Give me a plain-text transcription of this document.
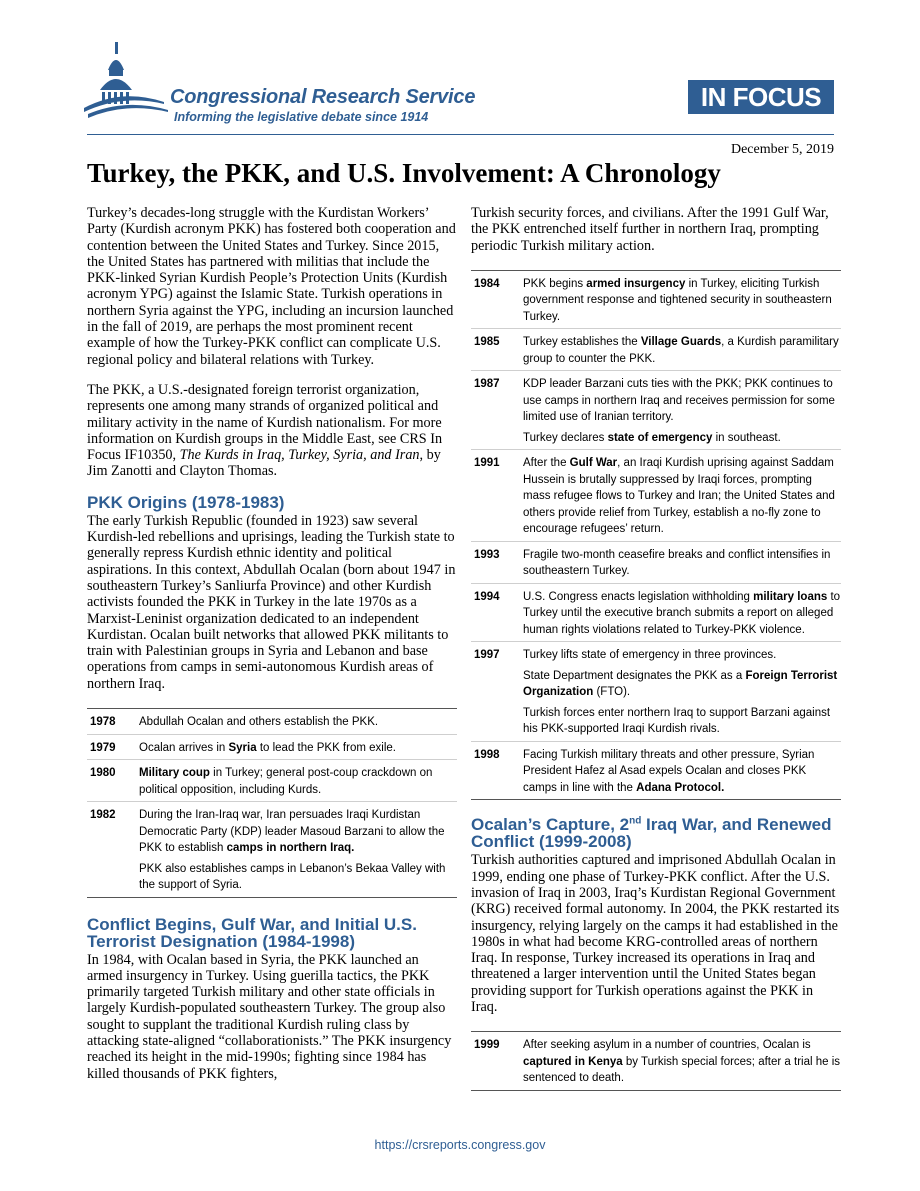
Congressional Research Service
Informing the legislative debate since 1914
IN FOCUS
December 5, 2019
Turkey, the PKK, and U.S. Involvement: A Chronology

Turkey’s decades-long struggle with the Kurdistan Workers’ Party (Kurdish acronym PKK) has fostered both cooperation and contention between the United States and Turkey. Since 2015, the United States has partnered with militias that include the PKK-linked Syrian Kurdish People’s Protection Units (Kurdish acronym YPG) against the Islamic State. Turkish operations in northern Syria against the YPG, including an incursion launched in the fall of 2019, are perhaps the most prominent recent example of how the Turkey-PKK conflict can complicate U.S. regional policy and bilateral relations with Turkey.

The PKK, a U.S.-designated foreign terrorist organization, represents one among many strands of organized political and military activity in the name of Kurdish nationalism. For more information on Kurdish groups in the Middle East, see CRS In Focus IF10350, The Kurds in Iraq, Turkey, Syria, and Iran, by Jim Zanotti and Clayton Thomas.

PKK Origins (1978-1983)

The early Turkish Republic (founded in 1923) saw several Kurdish-led rebellions and uprisings, leading the Turkish state to generally repress Kurdish ethnic identity and political aspirations. In this context, Abdullah Ocalan (born about 1947 in southeastern Turkey’s Sanliurfa Province) and other Kurdish activists founded the PKK in Turkey in the late 1970s as a Marxist-Leninist organization dedicated to an independent Kurdistan. Ocalan built networks that allowed PKK militants to train with Palestinian groups in Syria and Lebanon and base operations from camps in semi-autonomous Kurdish areas of northern Iraq.

1978	Abdullah Ocalan and others establish the PKK.

1979	Ocalan arrives in Syria to lead the PKK from exile.

1980	Military coup in Turkey; general post-coup crackdown on political opposition, including Kurds.

1982	During the Iran-Iraq war, Iran persuades Iraqi Kurdistan Democratic Party (KDP) leader Masoud Barzani to allow the PKK to establish camps in northern Iraq.
PKK also establishes camps in Lebanon’s Bekaa Valley with the support of Syria.
Conflict Begins, Gulf War, and Initial U.S. Terrorist Designation (1984-1998)

In 1984, with Ocalan based in Syria, the PKK launched an armed insurgency in Turkey. Using guerilla tactics, the PKK primarily targeted Turkish military and other state officials in largely Kurdish-populated southeastern Turkey. The group also sought to supplant the traditional Kurdish ruling class by attacking state-aligned “collaborationists.” The PKK insurgency reached its height in the mid-1990s; fighting since 1984 has killed thousands of PKK fighters,

Turkish security forces, and civilians. After the 1991 Gulf War, the PKK entrenched itself further in northern Iraq, prompting periodic Turkish military action.

1984	PKK begins armed insurgency in Turkey, eliciting Turkish government response and tightened security in southeastern Turkey.

1985	Turkey establishes the Village Guards, a Kurdish paramilitary group to counter the PKK.

1987	KDP leader Barzani cuts ties with the PKK; PKK continues to use camps in northern Iraq and receives permission for some limited use of Iranian territory.
Turkey declares state of emergency in southeast.

1991	After the Gulf War, an Iraqi Kurdish uprising against Saddam Hussein is brutally suppressed by Iraqi forces, prompting mass refugee flows to Turkey and Iran; the United States and others provide relief from Turkey, establish a no-fly zone to encourage refugees’ return.

1993	Fragile two-month ceasefire breaks and conflict intensifies in southeastern Turkey.

1994	U.S. Congress enacts legislation withholding military loans to Turkey until the executive branch submits a report on alleged human rights violations related to Turkey-PKK violence.

1997	Turkey lifts state of emergency in three provinces.
State Department designates the PKK as a Foreign Terrorist Organization (FTO).
Turkish forces enter northern Iraq to support Barzani against his PKK-supported Iraqi Kurdish rivals.

1998	Facing Turkish military threats and other pressure, Syrian President Hafez al Asad expels Ocalan and closes PKK camps in line with the Adana Protocol.
Ocalan’s Capture, 2nd Iraq War, and Renewed Conflict (1999-2008)

Turkish authorities captured and imprisoned Abdullah Ocalan in 1999, ending one phase of Turkey-PKK conflict. After the U.S. invasion of Iraq in 2003, Iraq’s Kurdistan Regional Government (KRG) received formal autonomy. In 2004, the PKK restarted its insurgency, relying largely on the camps it had established in the 1980s in what had become KRG-controlled areas of northern Iraq. In response, Turkey increased its operations in Iraq and threatened a larger intervention until the United States began providing support for Turkish operations against the PKK in Iraq.

1999	After seeking asylum in a number of countries, Ocalan is captured in Kenya by Turkish special forces; after a trial he is sentenced to death.
https://crsreports.congress.gov
